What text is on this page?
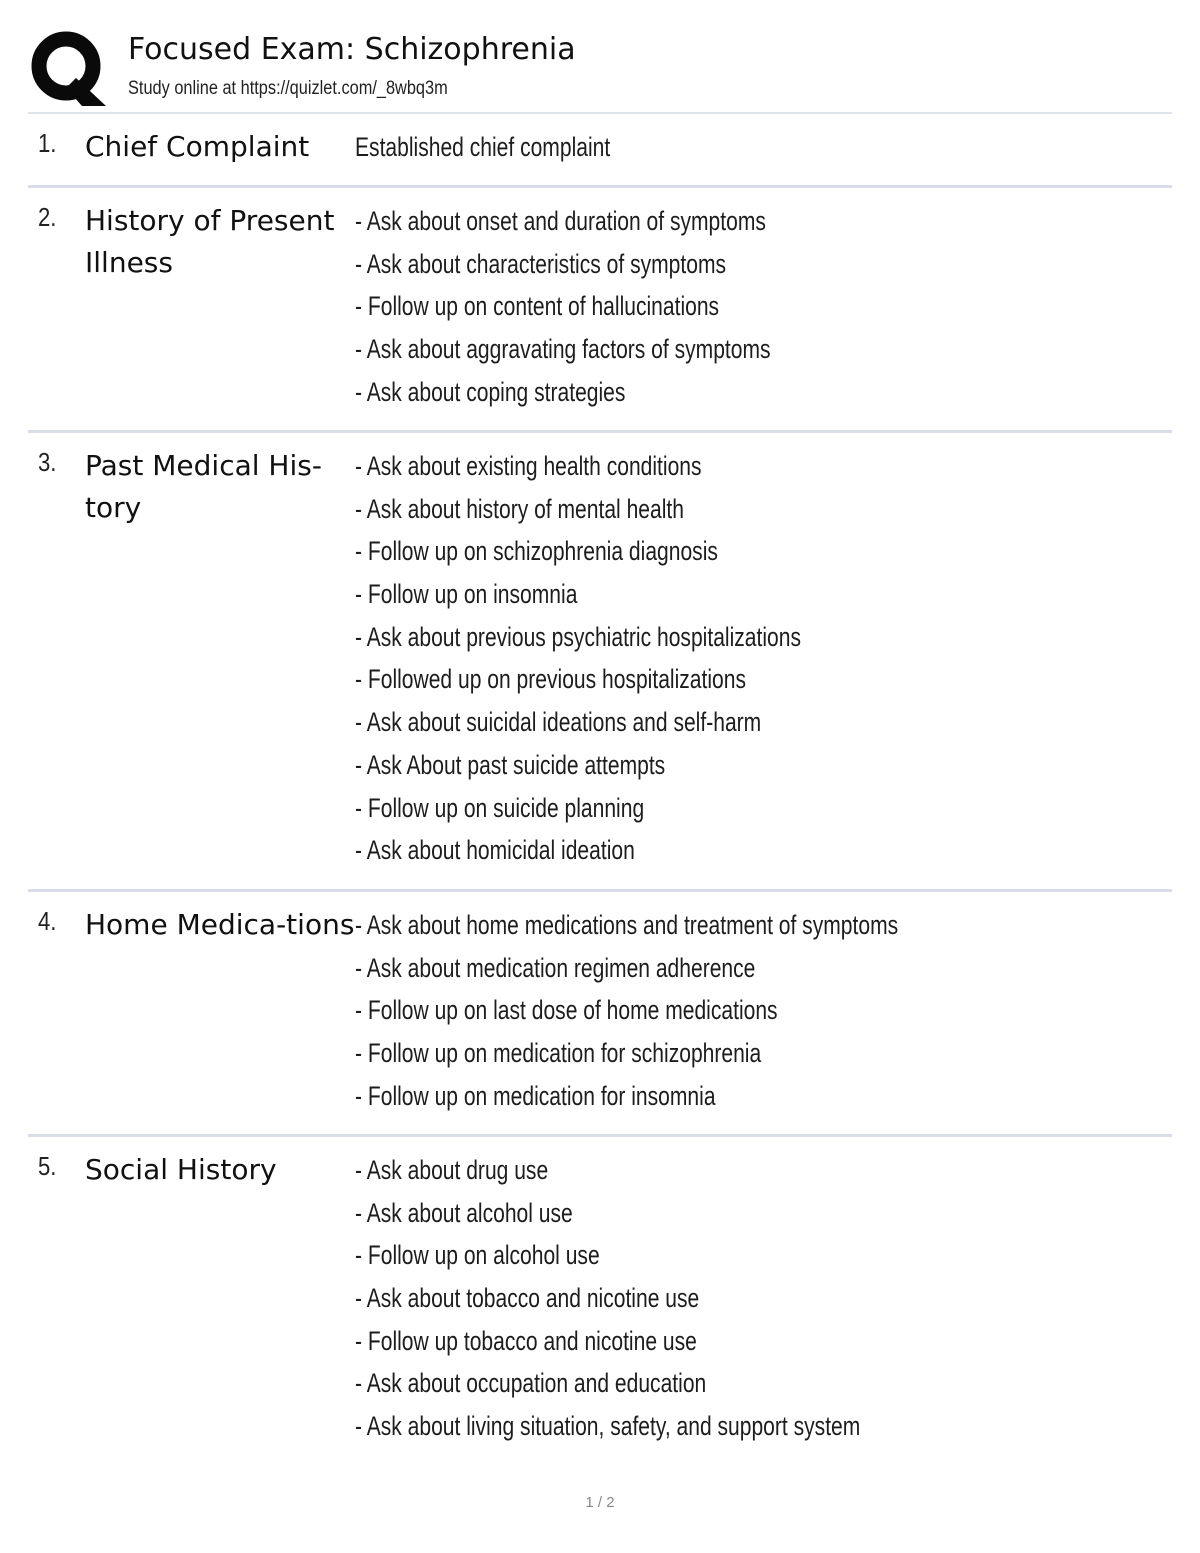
Focused Exam: Schizophrenia
Study online at https://quizlet.com/_8wbq3m
1. Chief Complaint	Established chief complaint
2. History of Present Illness
- Ask about onset and duration of symptoms
- Ask about characteristics of symptoms
- Follow up on content of hallucinations
- Ask about aggravating factors of symptoms
- Ask about coping strategies
3. Past Medical His-tory
- Ask about existing health conditions
- Ask about history of mental health
- Follow up on schizophrenia diagnosis
- Follow up on insomnia
- Ask about previous psychiatric hospitalizations
- Followed up on previous hospitalizations
- Ask about suicidal ideations and self-harm
- Ask About past suicide attempts
- Follow up on suicide planning
- Ask about homicidal ideation
4. Home Medica-tions - Ask about home medications and treatment of symptoms
- Ask about medication regimen adherence
- Follow up on last dose of home medications
- Follow up on medication for schizophrenia
- Follow up on medication for insomnia
5. Social History	- Ask about drug use
- Ask about alcohol use
- Follow up on alcohol use
- Ask about tobacco and nicotine use
- Follow up tobacco and nicotine use
- Ask about occupation and education
- Ask about living situation, safety, and support system
1 / 2
